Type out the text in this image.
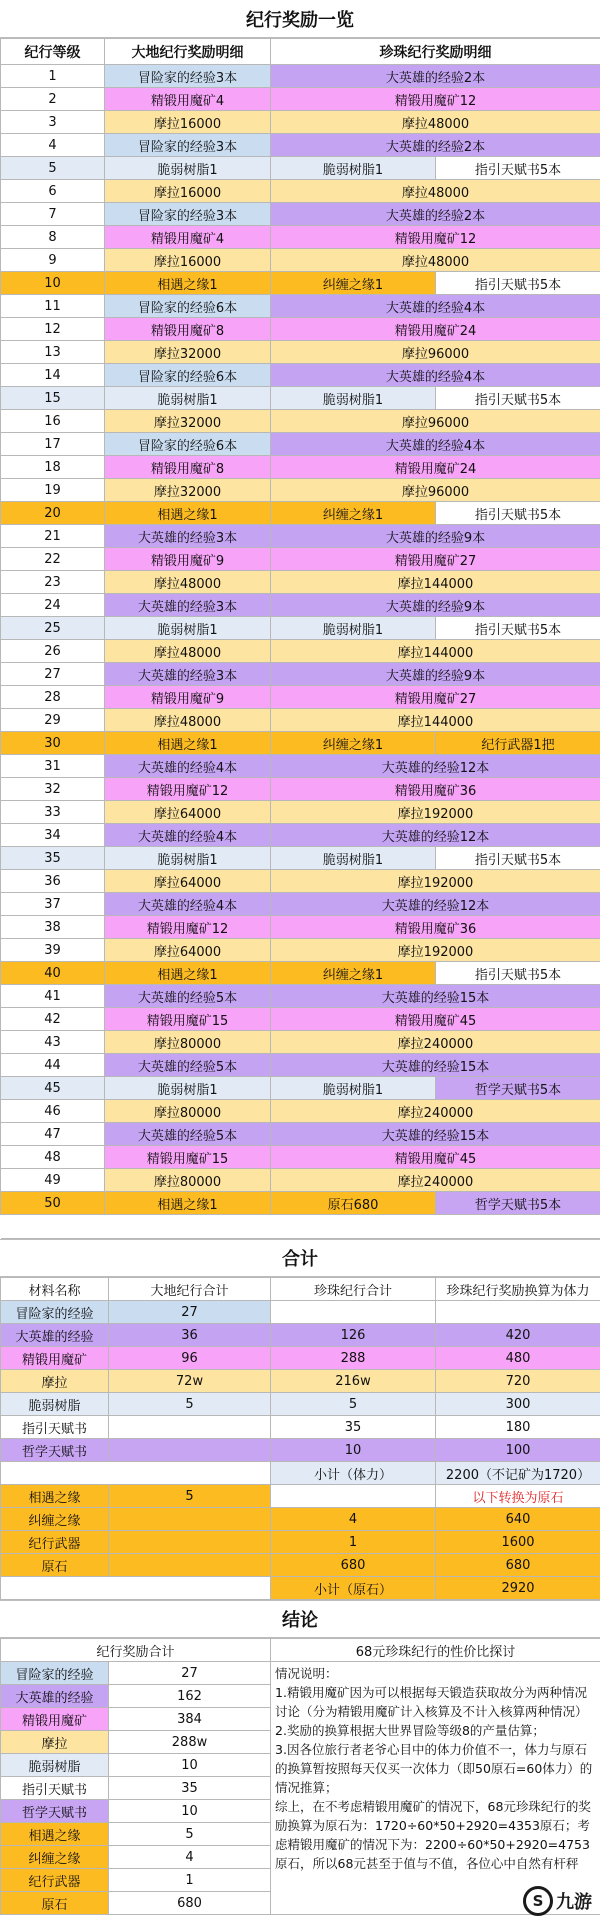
纪行奖励一览
纪行等级	大地纪行奖励明细	珍珠纪行奖励明细	
1	冒险家的经验3本	大英雄的经验2本	
2	精锻用魔矿4	精锻用魔矿12	
3	摩拉16000	摩拉48000	
4	冒险家的经验3本	大英雄的经验2本	
5	脆弱树脂1	脆弱树脂1	指引天赋书5本
6	摩拉16000	摩拉48000	
7	冒险家的经验3本	大英雄的经验2本	
8	精锻用魔矿4	精锻用魔矿12	
9	摩拉16000	摩拉48000	
10	相遇之缘1	纠缠之缘1	指引天赋书5本
11	冒险家的经验6本	大英雄的经验4本	
12	精锻用魔矿8	精锻用魔矿24	
13	摩拉32000	摩拉96000	
14	冒险家的经验6本	大英雄的经验4本	
15	脆弱树脂1	脆弱树脂1	指引天赋书5本
16	摩拉32000	摩拉96000	
17	冒险家的经验6本	大英雄的经验4本	
18	精锻用魔矿8	精锻用魔矿24	
19	摩拉32000	摩拉96000	
20	相遇之缘1	纠缠之缘1	指引天赋书5本
21	大英雄的经验3本	大英雄的经验9本	
22	精锻用魔矿9	精锻用魔矿27	
23	摩拉48000	摩拉144000	
24	大英雄的经验3本	大英雄的经验9本	
25	脆弱树脂1	脆弱树脂1	指引天赋书5本
26	摩拉48000	摩拉144000	
27	大英雄的经验3本	大英雄的经验9本	
28	精锻用魔矿9	精锻用魔矿27	
29	摩拉48000	摩拉144000	
30	相遇之缘1	纠缠之缘1	纪行武器1把
31	大英雄的经验4本	大英雄的经验12本	
32	精锻用魔矿12	精锻用魔矿36	
33	摩拉64000	摩拉192000	
34	大英雄的经验4本	大英雄的经验12本	
35	脆弱树脂1	脆弱树脂1	指引天赋书5本
36	摩拉64000	摩拉192000	
37	大英雄的经验4本	大英雄的经验12本	
38	精锻用魔矿12	精锻用魔矿36	
39	摩拉64000	摩拉192000	
40	相遇之缘1	纠缠之缘1	指引天赋书5本
41	大英雄的经验5本	大英雄的经验15本	
42	精锻用魔矿15	精锻用魔矿45	
43	摩拉80000	摩拉240000	
44	大英雄的经验5本	大英雄的经验15本	
45	脆弱树脂1	脆弱树脂1	哲学天赋书5本
46	摩拉80000	摩拉240000	
47	大英雄的经验5本	大英雄的经验15本	
48	精锻用魔矿15	精锻用魔矿45	
49	摩拉80000	摩拉240000	
50	相遇之缘1	原石680	哲学天赋书5本

合计
材料名称	大地纪行合计	珍珠纪行合计	珍珠纪行奖励换算为体力
冒险家的经验	27		
大英雄的经验	36	126	420
精锻用魔矿	96	288	480
摩拉	72w	216w	720
脆弱树脂	5	5	300
指引天赋书		35	180
哲学天赋书		10	100
		小计（体力）	2200（不记矿为1720）
相遇之缘	5		以下转换为原石
纠缠之缘		4	640
纪行武器		1	1600
原石		680	680
		小计（原石）	2920
结论
纪行奖励合计		68元珍珠纪行的性价比探讨
冒险家的经验	27	情况说明：

1.精锻用魔矿因为可以根据每天锻造获取故分为两种情况讨论（分为精锻用魔矿计入核算及不计入核算两种情况）

2.奖励的换算根据大世界冒险等级8的产量估算；

3.因各位旅行者老爷心目中的体力价值不一，体力与原石的换算暂按照每天仅买一次体力（即50原石=60体力）的情况推算；

综上，在不考虑精锻用魔矿的情况下，68元珍珠纪行的奖励换算为原石为：1720÷60*50+2920=4353原石；考虑精锻用魔矿的情况下为：2200÷60*50+2920=4753原石，所以68元甚至于值与不值，各位心中自然有杆秤

大英雄的经验	162	
精锻用魔矿	384	
摩拉	288w	
脆弱树脂	10	
指引天赋书	35	
哲学天赋书	10	
相遇之缘	5	
纠缠之缘	4	
纪行武器	1	
原石	680		S 九游
